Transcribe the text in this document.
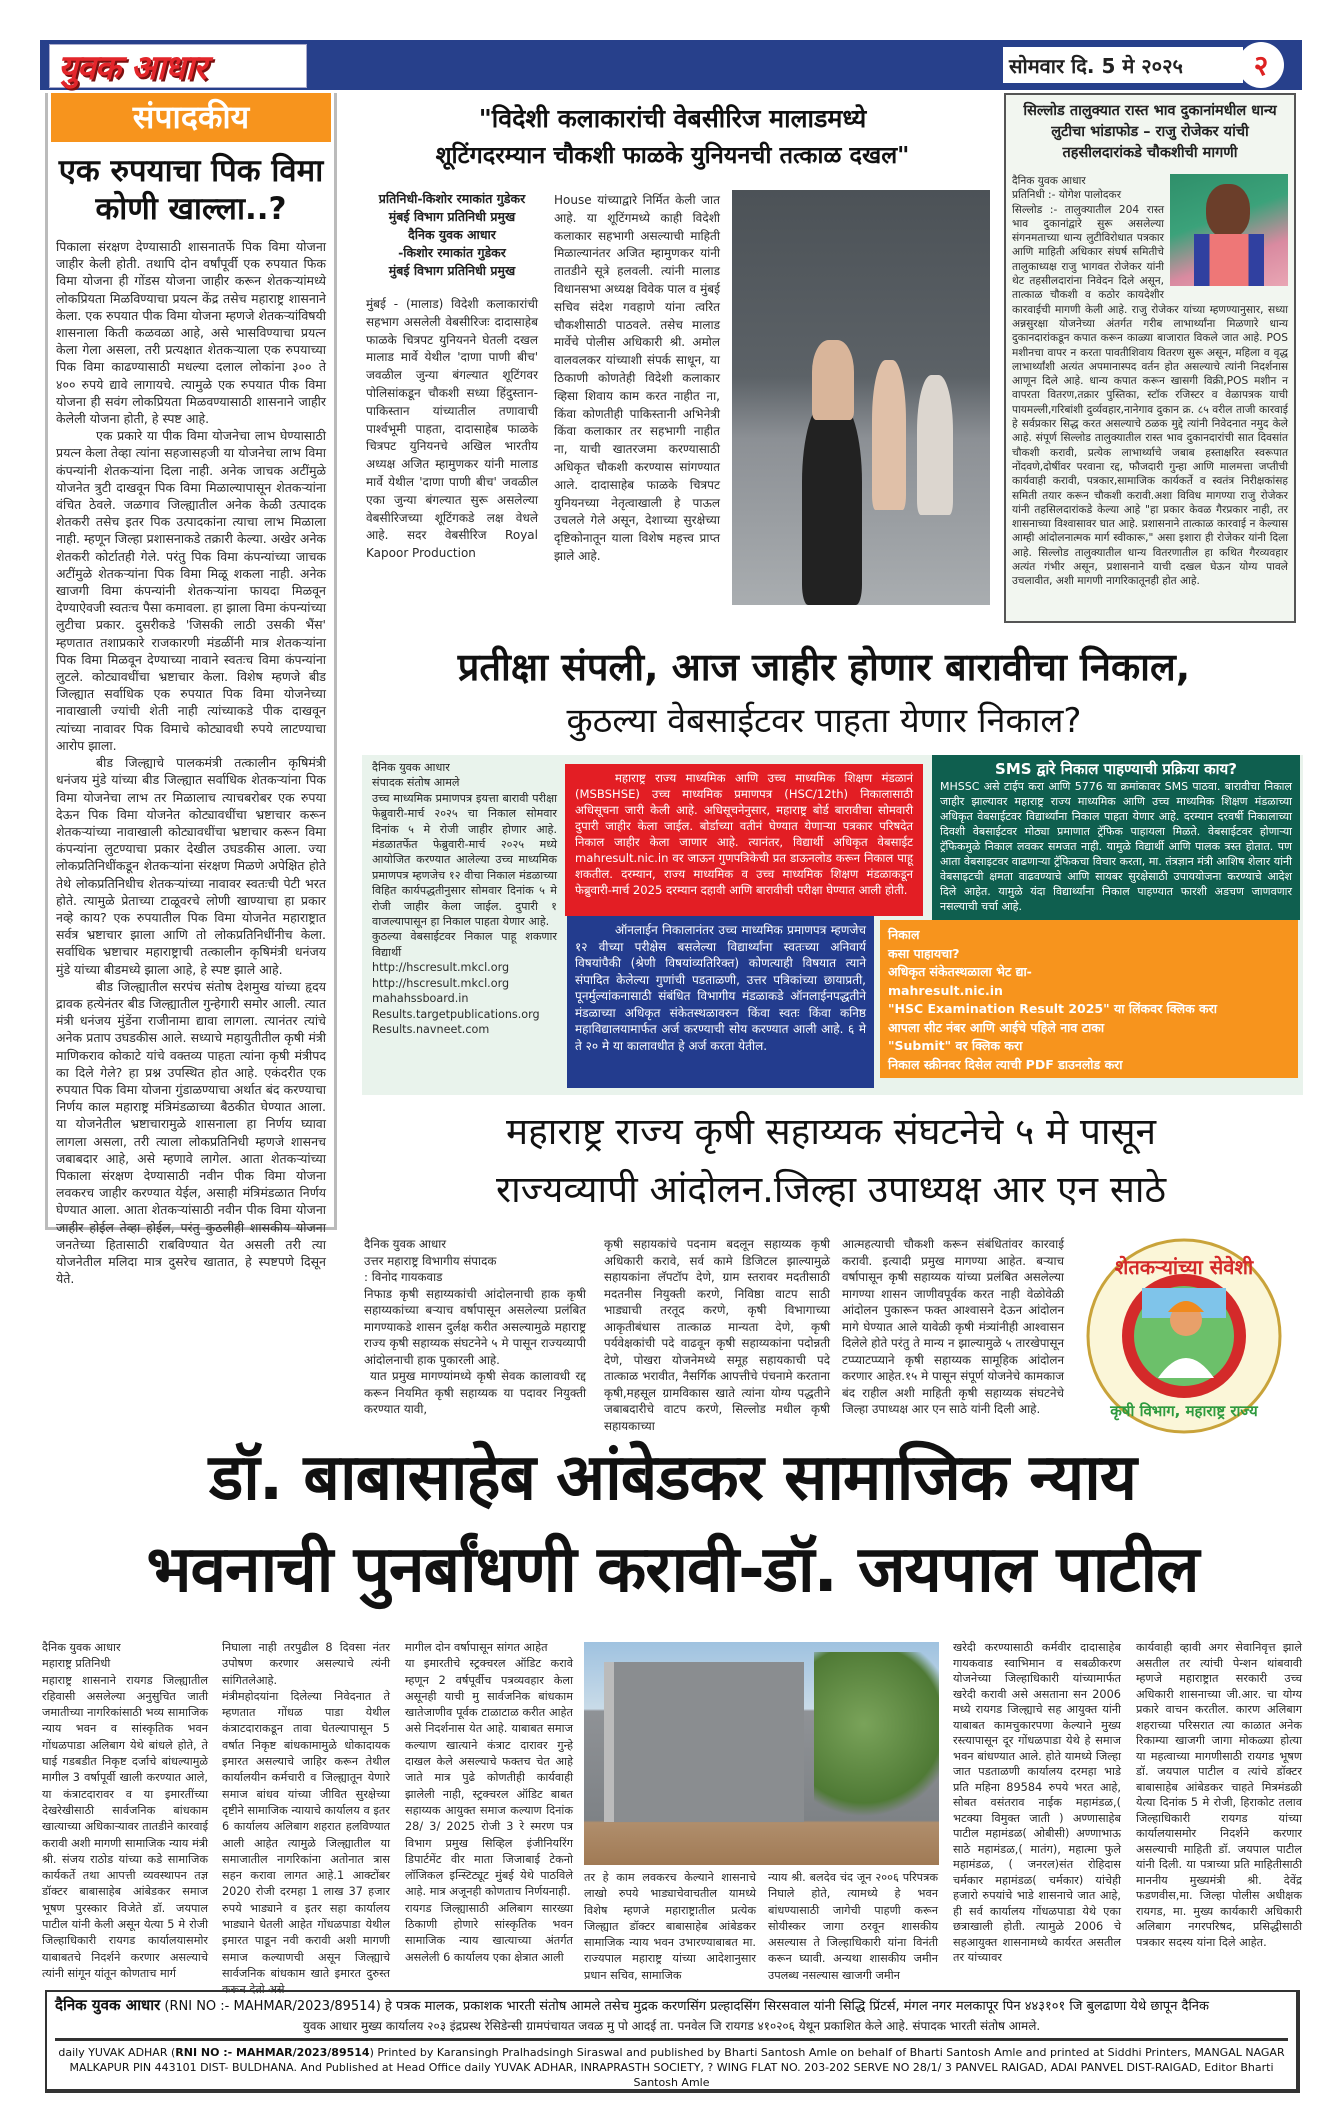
युवक आधार	सोमवार दि. 5 मे २०२५	२
संपादकीय
एक रुपयाचा पिक विमा कोणी खाल्ला..?

पिकाला संरक्षण देण्यासाठी शासनातर्फे पिक विमा योजना जाहीर केली होती. तथापि दोन वर्षांपूर्वी एक रुपयात फिक विमा योजना ही गोंडस योजना जाहीर करून शेतकऱ्यांमध्ये लोकप्रियता मिळविण्याचा प्रयत्न केंद्र तसेच महाराष्ट्र शासनाने केला. एक रुपयात पीक विमा योजना म्हणजे शेतकऱ्यांविषयी शासनाला किती कळवळा आहे, असे भासविण्याचा प्रयत्न केला गेला असला, तरी प्रत्यक्षात शेतकऱ्याला एक रुपयाच्या पिक विमा काढण्यासाठी मधल्या दलाल लोकांना ३०० ते ४०० रुपये द्यावे लागायचे. त्यामुळे एक रुपयात पीक विमा योजना ही सवंग लोकप्रियता मिळवण्यासाठी शासनाने जाहीर केलेली योजना होती, हे स्पष्ट आहे.

एक प्रकारे या पीक विमा योजनेचा लाभ घेण्यासाठी प्रयत्न केला तेव्हा त्यांना सहजासहजी या योजनेचा लाभ विमा कंपन्यांनी शेतकऱ्यांना दिला नाही. अनेक जाचक अटींमुळे योजनेत त्रुटी दाखवून पिक विमा मिळाल्यापासून शेतकऱ्यांना वंचित ठेवले. जळगाव जिल्ह्यातील अनेक केळी उत्पादक शेतकरी तसेच इतर पिक उत्पादकांना त्याचा लाभ मिळाला नाही. म्हणून जिल्हा प्रशासनाकडे तक्रारी केल्या. अखेर अनेक शेतकरी कोर्टातही गेले. परंतु पिक विमा कंपन्यांच्या जाचक अटींमुळे शेतकऱ्यांना पिक विमा मिळू शकला नाही. अनेक खाजगी विमा कंपन्यांनी शेतकऱ्यांना फायदा मिळवून देण्याऐवजी स्वतःच पैसा कमावला. हा झाला विमा कंपन्यांच्या लुटीचा प्रकार. दुसरीकडे 'जिसकी लाठी उसकी भैंस' म्हणतात तशाप्रकारे राजकारणी मंडळींनी मात्र शेतकऱ्यांना पिक विमा मिळवून देण्याच्या नावाने स्वतःच विमा कंपन्यांना लुटले. कोट्यावधींचा भ्रष्टाचार केला. विशेष म्हणजे बीड जिल्ह्यात सर्वाधिक एक रुपयात पिक विमा योजनेच्या नावाखाली ज्यांची शेती नाही त्यांच्याकडे पीक दाखवून त्यांच्या नावावर पिक विमाचे कोट्यावधी रुपये लाटण्याचा आरोप झाला.

बीड जिल्ह्याचे पालकमंत्री तत्कालीन कृषिमंत्री धनंजय मुंडे यांच्या बीड जिल्ह्यात सर्वाधिक शेतकऱ्यांना पिक विमा योजनेचा लाभ तर मिळालाच त्याचबरोबर एक रुपया देऊन पिक विमा योजनेत कोट्यावधींचा भ्रष्टाचार करून शेतकऱ्यांच्या नावाखाली कोट्यावधींचा भ्रष्टाचार करून विमा कंपन्यांना लुटण्याचा प्रकार देखील उघडकीस आला. ज्या लोकप्रतिनिधींकडून शेतकऱ्यांना संरक्षण मिळणे अपेक्षित होते तेथे लोकप्रतिनिधीच शेतकऱ्यांच्या नावावर स्वतःची पेटी भरत होते. त्यामुळे प्रेताच्या टाळूवरचे लोणी खाण्याचा हा प्रकार नव्हे काय? एक रुपयातील पिक विमा योजनेत महाराष्ट्रात सर्वत्र भ्रष्टाचार झाला आणि तो लोकप्रतिनिधींनीच केला. सर्वाधिक भ्रष्टाचार महाराष्ट्राची तत्कालीन कृषिमंत्री धनंजय मुंडे यांच्या बीडमध्ये झाला आहे, हे स्पष्ट झाले आहे.

बीड जिल्ह्यातील सरपंच संतोष देशमुख यांच्या हृदय द्रावक हत्येनंतर बीड जिल्ह्यातील गुन्हेगारी समोर आली. त्यात मंत्री धनंजय मुंडेंना राजीनामा द्यावा लागला. त्यानंतर त्यांचे अनेक प्रताप उघडकीस आले. सध्याचे महायुतीतील कृषी मंत्री माणिकराव कोकाटे यांचे वक्तव्य पाहता त्यांना कृषी मंत्रीपद का दिले गेले? हा प्रश्न उपस्थित होत आहे. एकंदरीत एक रुपयात पिक विमा योजना गुंडाळण्याचा अर्थात बंद करण्याचा निर्णय काल महाराष्ट्र मंत्रिमंडळाच्या बैठकीत घेण्यात आला. या योजनेतील भ्रष्टाचारामुळे शासनाला हा निर्णय घ्यावा लागला असला, तरी त्याला लोकप्रतिनिधी म्हणजे शासनच जबाबदार आहे, असे म्हणावे लागेल. आता शेतकऱ्यांच्या पिकाला संरक्षण देण्यासाठी नवीन पीक विमा योजना लवकरच जाहीर करण्यात येईल, असाही मंत्रिमंडळात निर्णय घेण्यात आला. आता शेतकऱ्यांसाठी नवीन पीक विमा योजना जाहीर होईल तेव्हा होईल, परंतु कुठलीही शासकीय योजना जनतेच्या हितासाठी राबविण्यात येत असली तरी त्या योजनेतील मलिदा मात्र दुसरेच खातात, हे स्पष्टपणे दिसून येते.

"विदेशी कलाकारांची वेबसीरिज मालाडमध्ये
शूटिंगदरम्यान चौकशी फाळके युनियनची तत्काळ दखल"
प्रतिनिधी-किशोर रमाकांत गुडेकर
मुंबई विभाग प्रतिनिधी प्रमुख
दैनिक युवक आधार
-किशोर रमाकांत गुडेकर
मुंबई विभाग प्रतिनिधी प्रमुख
मुंबई - (मालाड) विदेशी कलाकारांची सहभाग असलेली वेबसीरिजः दादासाहेब फाळके चित्रपट युनियनने घेतली दखल मालाड मार्वे येथील 'दाणा पाणी बीच' जवळील जुन्या बंगल्यात शूटिंगवर पोलिसांकडून चौकशी सध्या हिंदुस्तान-पाकिस्तान यांच्यातील तणावाची पार्श्वभूमी पाहता, दादासाहेब फाळके चित्रपट युनियनचे अखिल भारतीय अध्यक्ष अजित म्हामुणकर यांनी मालाड मार्वे येथील 'दाणा पाणी बीच' जवळील एका जुन्या बंगल्यात सुरू असलेल्या वेबसीरिजच्या शूटिंगकडे लक्ष वेधले आहे. सदर वेबसीरिज Royal Kapoor Production
House यांच्याद्वारे निर्मित केली जात आहे. या शूटिंगमध्ये काही विदेशी कलाकार सहभागी असल्याची माहिती मिळाल्यानंतर अजित म्हामुणकर यांनी तातडीने सूत्रे हलवली. त्यांनी मालाड विधानसभा अध्यक्ष विवेक पाल व मुंबई सचिव संदेश गवहाणे यांना त्वरित चौकशीसाठी पाठवले. तसेच मालाड मार्वेचे पोलीस अधिकारी श्री. अमोल वालवलकर यांच्याशी संपर्क साधून, या ठिकाणी कोणतेही विदेशी कलाकार व्हिसा शिवाय काम करत नाहीत ना, किंवा कोणतीही पाकिस्तानी अभिनेत्री किंवा कलाकार तर सहभागी नाहीत ना, याची खातरजमा करण्यासाठी अधिकृत चौकशी करण्यास सांगण्यात आले. दादासाहेब फाळके चित्रपट युनियनच्या नेतृत्वाखाली हे पाऊल उचलले गेले असून, देशाच्या सुरक्षेच्या दृष्टिकोनातून याला विशेष महत्त्व प्राप्त झाले आहे.
सिल्लोड तालुक्यात रास्त भाव दुकानांमधील धान्य लुटीचा भांडाफोड – राजु रोजेकर यांची तहसीलदारांकडे चौकशीची मागणी
दैनिक युवक आधार
प्रतिनिधी :- योगेश पालोदकर
सिल्लोड :- तालुक्यातील 204 रास्त भाव दुकानांद्वारे सुरू असलेल्या संगनमताच्या धान्य लुटीविरोधात पत्रकार आणि माहिती अधिकार संघर्ष समितीचे तालुकाध्यक्ष राजु भागवत रोजेकर यांनी थेट तहसीलदारांना निवेदन दिले असून, तात्काळ चौकशी व कठोर कायदेशीर कारवाईची मागणी केली आहे. राजु रोजेकर यांच्या म्हणण्यानुसार, सध्या अन्नसुरक्षा योजनेच्या अंतर्गत गरीब लाभार्थ्यांना मिळणारे धान्य दुकानदारांकडून कपात करून काळ्या बाजारात विकले जात आहे. POS मशीनचा वापर न करता पावतीशिवाय वितरण सुरू असून, महिला व वृद्ध लाभार्थ्यांशी अत्यंत अपमानास्पद वर्तन होत असल्याचे त्यांनी निदर्शनास आणून दिले आहे. धान्य कपात करून खासगी विक्री,POS मशीन न वापरता वितरण,तक्रार पुस्तिका, स्टॉक रजिस्टर व वेळापत्रक याची पायमल्ली,गरिबांशी दुर्व्यवहार,नानेगाव दुकान क्र. ८५ वरील ताजी कारवाई हे सर्वप्रकार सिद्ध करत असल्याचे ठळक मुद्दे त्यांनी निवेदनात नमुद केले आहे. संपूर्ण सिल्लोड तालुक्यातील रास्त भाव दुकानदारांची सात दिवसांत चौकशी करावी, प्रत्येक लाभार्थ्याचे जबाब हस्ताक्षरित स्वरूपात नोंदवणे,दोषींवर परवाना रद्द, फौजदारी गुन्हा आणि मालमत्ता जप्तीची कार्यवाही करावी, पत्रकार,सामाजिक कार्यकर्ते व स्वतंत्र निरीक्षकांसह समिती तयार करून चौकशी करावी.अशा विविध मागण्या राजु रोजेकर यांनी तहसिलदारांकडे केल्या आहे "हा प्रकार केवळ गैरप्रकार नाही, तर शासनाच्या विश्वासावर घात आहे. प्रशासनाने तात्काळ कारवाई न केल्यास आम्ही आंदोलनात्मक मार्ग स्वीकारू," असा इशारा ही रोजेकर यांनी दिला आहे. सिल्लोड तालुक्यातील धान्य वितरणातील हा कथित गैरव्यवहार अत्यंत गंभीर असून, प्रशासनाने याची दखल घेऊन योग्य पावले उचलावीत, अशी मागणी नागरिकातूनही होत आहे.
प्रतीक्षा संपली, आज जाहीर होणार बारावीचा निकाल,
कुठल्या वेबसाईटवर पाहता येणार निकाल?
दैनिक युवक आधार
संपादक संतोष आमले
उच्च माध्यमिक प्रमाणपत्र इयत्ता बारावी परीक्षा फेब्रुवारी-मार्च २०२५ चा निकाल सोमवार दिनांक ५ मे रोजी जाहीर होणार आहे. मंडळातर्फेत फेब्रुवारी-मार्च २०२५ मध्ये आयोजित करण्यात आलेल्या उच्च माध्यमिक प्रमाणपत्र म्हणजेच १२ वीचा निकाल मंडळाच्या विहित कार्यपद्धतीनुसार सोमवार दिनांक ५ मे रोजी जाहीर केला जाईल. दुपारी १ वाजल्यापासून हा निकाल पाहता येणार आहे.
कुठल्या वेबसाईटवर निकाल पाहू शकणार विद्यार्थी
http://hscresult.mkcl.org
http://hscresult.mkcl.org
mahahssboard.in
Results.targetpublications.org
Results.navneet.com
महाराष्ट्र राज्य माध्यमिक आणि उच्च माध्यमिक शिक्षण मंडळानं (MSBSHSE) उच्च माध्यमिक प्रमाणपत्र (HSC/12th) निकालासाठी अधिसूचना जारी केली आहे. अधिसूचनेनुसार, महाराष्ट्र बोर्ड बारावीचा सोमवारी दुपारी जाहीर केला जाईल. बोर्डाच्या वतीनं घेण्यात येणाऱ्या पत्रकार परिषदेत निकाल जाहीर केला जाणार आहे. त्यानंतर, विद्यार्थी अधिकृत वेबसाईट mahresult.nic.in वर जाऊन गुणपत्रिकेची प्रत डाऊनलोड करून निकाल पाहू शकतील. दरम्यान, राज्य माध्यमिक व उच्च माध्यमिक शिक्षण मंडळाकडून फेब्रुवारी-मार्च 2025 दरम्यान दहावी आणि बारावीची परीक्षा घेण्यात आली होती.
SMS द्वारे निकाल पाहण्याची प्रक्रिया काय?
MHSSC असे टाईप करा आणि 5776 या क्रमांकावर SMS पाठवा. बारावीचा निकाल जाहीर झाल्यावर महाराष्ट्र राज्य माध्यमिक आणि उच्च माध्यमिक शिक्षण मंडळाच्या अधिकृत वेबसाईटवर विद्यार्थ्यांना निकाल पाहता येणार आहे. दरम्यान दरवर्षी निकालाच्या दिवशी वेबसाईटवर मोठ्या प्रमाणात ट्रॅफिक पाहायला मिळते. वेबसाईटवर होणाऱ्या ट्रॅफिकमुळे निकाल लवकर समजत नाही. यामुळे विद्यार्थी आणि पालक त्रस्त होतात. पण आता वेबसाइटवर वाढणाऱ्या ट्रॅफिकचा विचार करता, मा. तंत्रज्ञान मंत्री आशिष शेलार यांनी वेबसाइटची क्षमता वाढवण्याचे आणि सायबर सुरक्षेसाठी उपाययोजना करण्याचे आदेश दिले आहेत. यामुळे यंदा विद्यार्थ्यांना निकाल पाहण्यात फारशी अडचण जाणवणार नसल्याची चर्चा आहे.
ऑनलाईन निकालानंतर उच्च माध्यमिक प्रमाणपत्र म्हणजेच १२ वीच्या परीक्षेस बसलेल्या विद्यार्थ्यांना स्वतःच्या अनिवार्य विषयांपैकी (श्रेणी विषयांव्यतिरिक्त) कोणत्याही विषयात त्याने संपादित केलेल्या गुणांची पडताळणी, उत्तर पत्रिकांच्या छायाप्रती, पूनर्मुल्यांकनासाठी संबंधित विभागीय मंडळाकडे ऑनलाईनपद्धतीने मंडळाच्या अधिकृत संकेतस्थळावरुन किंवा स्वतः किंवा कनिष्ठ महाविद्यालयामार्फत अर्ज करण्याची सोय करण्यात आली आहे. ६ मे ते २० मे या कालावधीत हे अर्ज करता येतील.
निकाल
कसा पाहायचा?
अधिकृत संकेतस्थळाला भेट द्या-
mahresult.nic.in
"HSC Examination Result 2025" या लिंकवर क्लिक करा
आपला सीट नंबर आणि आईचे पहिले नाव टाका
"Submit" वर क्लिक करा
निकाल स्क्रीनवर दिसेल त्याची PDF डाउनलोड करा
महाराष्ट्र राज्य कृषी सहाय्यक संघटनेचे ५ मे पासून
राज्यव्यापी आंदोलन.जिल्हा उपाध्यक्ष आर एन साठे
दैनिक युवक आधार
उत्तर महाराष्ट्र विभागीय संपादक
: विनोद गायकवाड

निफाड कृषी सहाय्यकांची आंदोलनाची हाक कृषी सहाय्यकांच्या बऱ्याच वर्षापासून असलेल्या प्रलंबित मागण्याकडे शासन दुर्लक्ष करीत असल्यामुळे महाराष्ट्र राज्य कृषी सहाय्यक संघटनेने ५ मे पासून राज्यव्यापी आंदोलनाची हाक पुकारली आहे.

यात प्रमुख मागण्यांमध्ये कृषी सेवक कालावधी रद्द करून नियमित कृषी सहाय्यक या पदावर नियुक्ती करण्यात यावी,

कृषी सहायकांचे पदनाम बदलून सहाय्यक कृषी अधिकारी करावे, सर्व कामे डिजिटल झाल्यामुळे सहायकांना लॅपटॉप देणे, ग्राम स्तरावर मदतीसाठी मदतनीस नियुक्ती करणे, निविष्ठा वाटप साठी भाड्याची तरतूद करणे, कृषी विभागाच्या आकृतीबंधास तात्काळ मान्यता देणे, कृषी पर्यवेक्षकांची पदे वाढवून कृषी सहाय्यकांना पदोन्नती देणे, पोखरा योजनेमध्ये समूह सहायकाची पदे तात्काळ भरावीत, नैसर्गिक आपत्तीचे पंचनामे करताना कृषी,महसूल ग्रामविकास खाते त्यांना योग्य पद्धतीने जबाबदारीचे वाटप करणे, सिल्लोड मधील कृषी सहायकाच्या
आत्महत्याची चौकशी करून संबंधितांवर कारवाई करावी. इत्यादी प्रमुख मागण्या आहेत. बऱ्याच वर्षापासून कृषी सहाय्यक यांच्या प्रलंबित असलेल्या मागण्या शासन जाणीवपूर्वक करत नाही वेळोवेळी आंदोलन पुकारून फक्त आश्वासने देऊन आंदोलन मागे घेण्यात आले यावेळी कृषी मंत्र्यांनीही आश्वासन दिलेले होते परंतु ते मान्य न झाल्यामुळे ५ तारखेपासून टप्प्याटप्प्याने कृषी सहाय्यक सामूहिक आंदोलन करणार आहेत.१५ मे पासून संपूर्ण योजनेचे कामकाज बंद राहील अशी माहिती कृषी सहाय्यक संघटनेचे जिल्हा उपाध्यक्ष आर एन साठे यांनी दिली आहे.
शेतकऱ्यांच्या सेवेशी
कृषी विभाग, महाराष्ट्र राज्य
डॉ. बाबासाहेब आंबेडकर सामाजिक न्याय
भवनाची पुनर्बांधणी करावी-डॉ. जयपाल पाटील
दैनिक युवक आधार
महाराष्ट्र प्रतिनिधी
महाराष्ट्र शासनाने रायगड जिल्ह्यातील रहिवासी असलेल्या अनुसुचित जाती जमातीच्या नागरिकांसाठी भव्य सामाजिक न्याय भवन व सांस्कृतिक भवन गोंधळपाडा अलिबाग येथे बांधले होते, ते घाई गडबडीत निकृष्ट दर्जाचे बांधल्यामुळे मागील 3 वर्षापूर्वी खाली करण्यात आले, या कंत्राटदारावर व या इमारतींच्या देखरेखीसाठी सार्वजनिक बांधकाम खात्याच्या अधिकाऱ्यावर तातडीने कारवाई करावी अशी मागणी सामाजिक न्याय मंत्री श्री. संजय राठोड यांच्या कडे सामाजिक कार्यकर्ते तथा आपत्ती व्यवस्थापन तज्ञ डॉक्टर बाबासाहेब आंबेडकर समाज भूषण पुरस्कार विजेते डॉ. जयपाल पाटील यांनी केली असून येत्या 5 मे रोजी जिल्हाधिकारी रायगड कार्यालयासमोर याबाबतचे निदर्शने करणार असल्याचे त्यांनी सांगून यांतून कोणताच मार्ग
निघाला नाही तरपुढील 8 दिवसा नंतर उपोषण करणार असल्याचे त्यंनी सांगितलेआहे.
मंत्रीमहोदयांना दिलेल्या निवेदनात ते म्हणतात गोंधळ पाडा येथील कंत्राटदाराकडून तावा घेतल्यापासून 5 वर्षात निकृष्ट बांधकामामुळे धोकादायक इमारत असल्याचे जाहिर करून तेथील कार्यालयीन कर्मचारी व जिल्ह्यातून येणारे समाज बांधव यांच्या जीवित सुरक्षेच्या दृष्टीने सामाजिक न्यायाचे कार्यालय व इतर 6 कार्यालय अलिबाग शहरात हलविण्यात आली आहेत त्यामुळे जिल्ह्यातील या समाजातील नागरिकांना अतोनात त्रास सहन करावा लागत आहे.1 आक्टोंबर 2020 रोजी दरमहा 1 लाख 37 हजार रुपये भाड्याने व इतर सहा कार्यालय भाड्याने घेतली आहेत गोंधळपाडा येथील इमारत पाडून नवी करावी अशी मागणी समाज कल्याणची असून जिल्ह्याचे सार्वजनिक बांधकाम खाते इमारत दुरुस्त करून देतो असे
मागील दोन वर्षापासून सांगत आहेत
या इमारतीचे स्ट्रक्चरल ऑडिट करावे म्हणून 2 वर्षपूर्वीच पत्रव्यवहार केला असूनही याची मु सार्वजनिक बांधकाम खातेजाणीव पूर्वक टाळाटाळ करीत आहेत असे निदर्शनास येत आहे. याबाबत समाज कल्याण खात्याने कंत्राट दारावर गुन्हे दाखल केले असल्याचे फक्तच चेत आहे जाते मात्र पुढे कोणतीही कार्यवाही झालेली नाही, स्ट्रक्चरल ऑडिट बाबत सहाय्यक आयुक्त समाज कल्याण दिनांक 28/ 3/ 2025 रोजी 3 रे स्मरण पत्र विभाग प्रमुख सिव्हिल इंजीनियरिंग डिपार्टमेंट वीर माता जिजाबाई टेकनो लॉजिकल इन्स्टिट्यूट मुंबई येथे पाठविले आहे. मात्र अजूनही कोणताच निर्णयनाही.
रायगड जिल्ह्यासाठी अलिबाग सारख्या ठिकाणी होणारे सांस्कृतिक भवन सामाजिक न्याय खात्याच्या अंतर्गत असलेली 6 कार्यालय एका क्षेत्रात आली
तर हे काम लवकरच केल्याने शासनाचे लाखो रुपये भाड्याचेवाचतील यामध्ये विशेष म्हणजे महाराष्ट्रातील प्रत्येक जिल्ह्यात डॉक्टर बाबासाहेब आंबेडकर सामाजिक न्याय भवन उभारण्याबाबत मा. राज्यपाल महाराष्ट्र यांच्या आदेशानुसार प्रधान सचिव, सामाजिक
न्याय श्री. बलदेव चंद जून २००६ परिपत्रक निघाले होते, त्यामध्ये हे भवन बांधण्यासाठी जागेची पाहणी करून सोयीस्कर जागा ठरवून शासकीय असल्यास ते जिल्हाधिकारी यांना विनंती करून घ्यावी. अन्यथा शासकीय जमीन उपलब्ध नसल्यास खाजगी जमीन
खरेदी करण्यासाठी कर्मवीर दादासाहेब गायकवाड स्वाभिमान व सबळीकरण योजनेच्या जिल्हाधिकारी यांच्यामार्फत खरेदी करावी असे असताना सन 2006 मध्ये रायगड जिल्ह्याचे सह आयुक्त यांनी याबाबत कामचुकारपणा केल्याने मुख्य रस्त्यापासून दूर गोंधळपाडा येथे हे समाज भवन बांधण्यात आले. होते यामध्ये जिल्हा जात पडताळणी कार्यालय दरमहा भाडे प्रति महिना 89584 रुपये भरत आहे, सोबत वसंतराव नाईक महामंडळ,( भटक्या विमुक्त जाती ) अण्णासाहेब पाटील महामंडळ( ओबीसी) अण्णाभाऊ साठे महामंडळ,( मातंग), महात्मा फुले महामंडळ, ( जनरल)संत रोहिदास चर्मकार महामंडळ( चर्मकार) यांचेही हजारो रुपयांचे भाडे शासनाचे जात आहे, ही सर्व कार्यालय गोंधळपाडा येथे एका छत्राखाली होती. त्यामुळे 2006 चे सहआयुक्त शासनामध्ये कार्यरत असतील तर यांच्यावर
कार्यवाही व्हावी अगर सेवानिवृत्त झाले असतील तर त्यांची पेन्शन थांबवावी म्हणजे महाराष्ट्रात सरकारी उच्च अधिकारी शासनाच्या जी.आर. चा योग्य प्रकारे वाचन करतील. कारण अलिबाग शहराच्या परिसरात त्या काळात अनेक रिकाम्या खाजगी जागा मोकळ्या होत्या या महत्वाच्या मागणीसाठी रायगड भूषण डॉ. जयपाल पाटील व त्यांचे डॉक्टर बाबासाहेब आंबेडकर चाहते मित्रमंडळी येत्या दिनांक 5 मे रोजी, हिराकोट तलाव जिल्हाधिकारी रायगड यांच्या कार्यालयासमोर निदर्शने करणार असल्याची माहिती डॉ. जयपाल पाटील यांनी दिली. या पत्राच्या प्रति माहितीसाठी माननीय मुख्यमंत्री श्री. देवेंद्र फडणवीस,मा. जिल्हा पोलीस अधीक्षक रायगड, मा. मुख्य कार्यकारी अधिकारी अलिबाग नगरपरिषद, प्रसिद्धीसाठी पत्रकार सदस्य यांना दिले आहेत.
दैनिक युवक आधार (RNI NO :- MAHMAR/2023/89514) हे पत्रक मालक, प्रकाशक भारती संतोष आमले तसेच मुद्रक करणसिंग प्रल्हादसिंग सिरसवाल यांनी सिद्धि प्रिंटर्स, मंगल नगर मलकापूर पिन ४४३१०१ जि बुलढाणा येथे छापून दैनिक
युवक आधार मुख्य कार्यालय २०३ इंद्रप्रस्थ रेसिडेन्सी ग्रामपंचायत जवळ मु पो आदई ता. पनवेल जि रायगड ४१०२०६ येथून प्रकाशित केले आहे. संपादक भारती संतोष आमले.
daily YUVAK ADHAR (RNI NO :- MAHMAR/2023/89514) Printed by Karansingh Pralhadsingh Siraswal and published by Bharti Santosh Amle on behalf of Bharti Santosh Amle and printed at Siddhi Printers, MANGAL NAGAR MALKAPUR PIN 443101 DIST- BULDHANA. And Published at Head Office daily YUVAK ADHAR, INRAPRASTH SOCIETY, ? WING FLAT NO. 203-202 SERVE NO 28/1/ 3 PANVEL RAIGAD, ADAI PANVEL DIST-RAIGAD, Editor Bharti Santosh Amle
